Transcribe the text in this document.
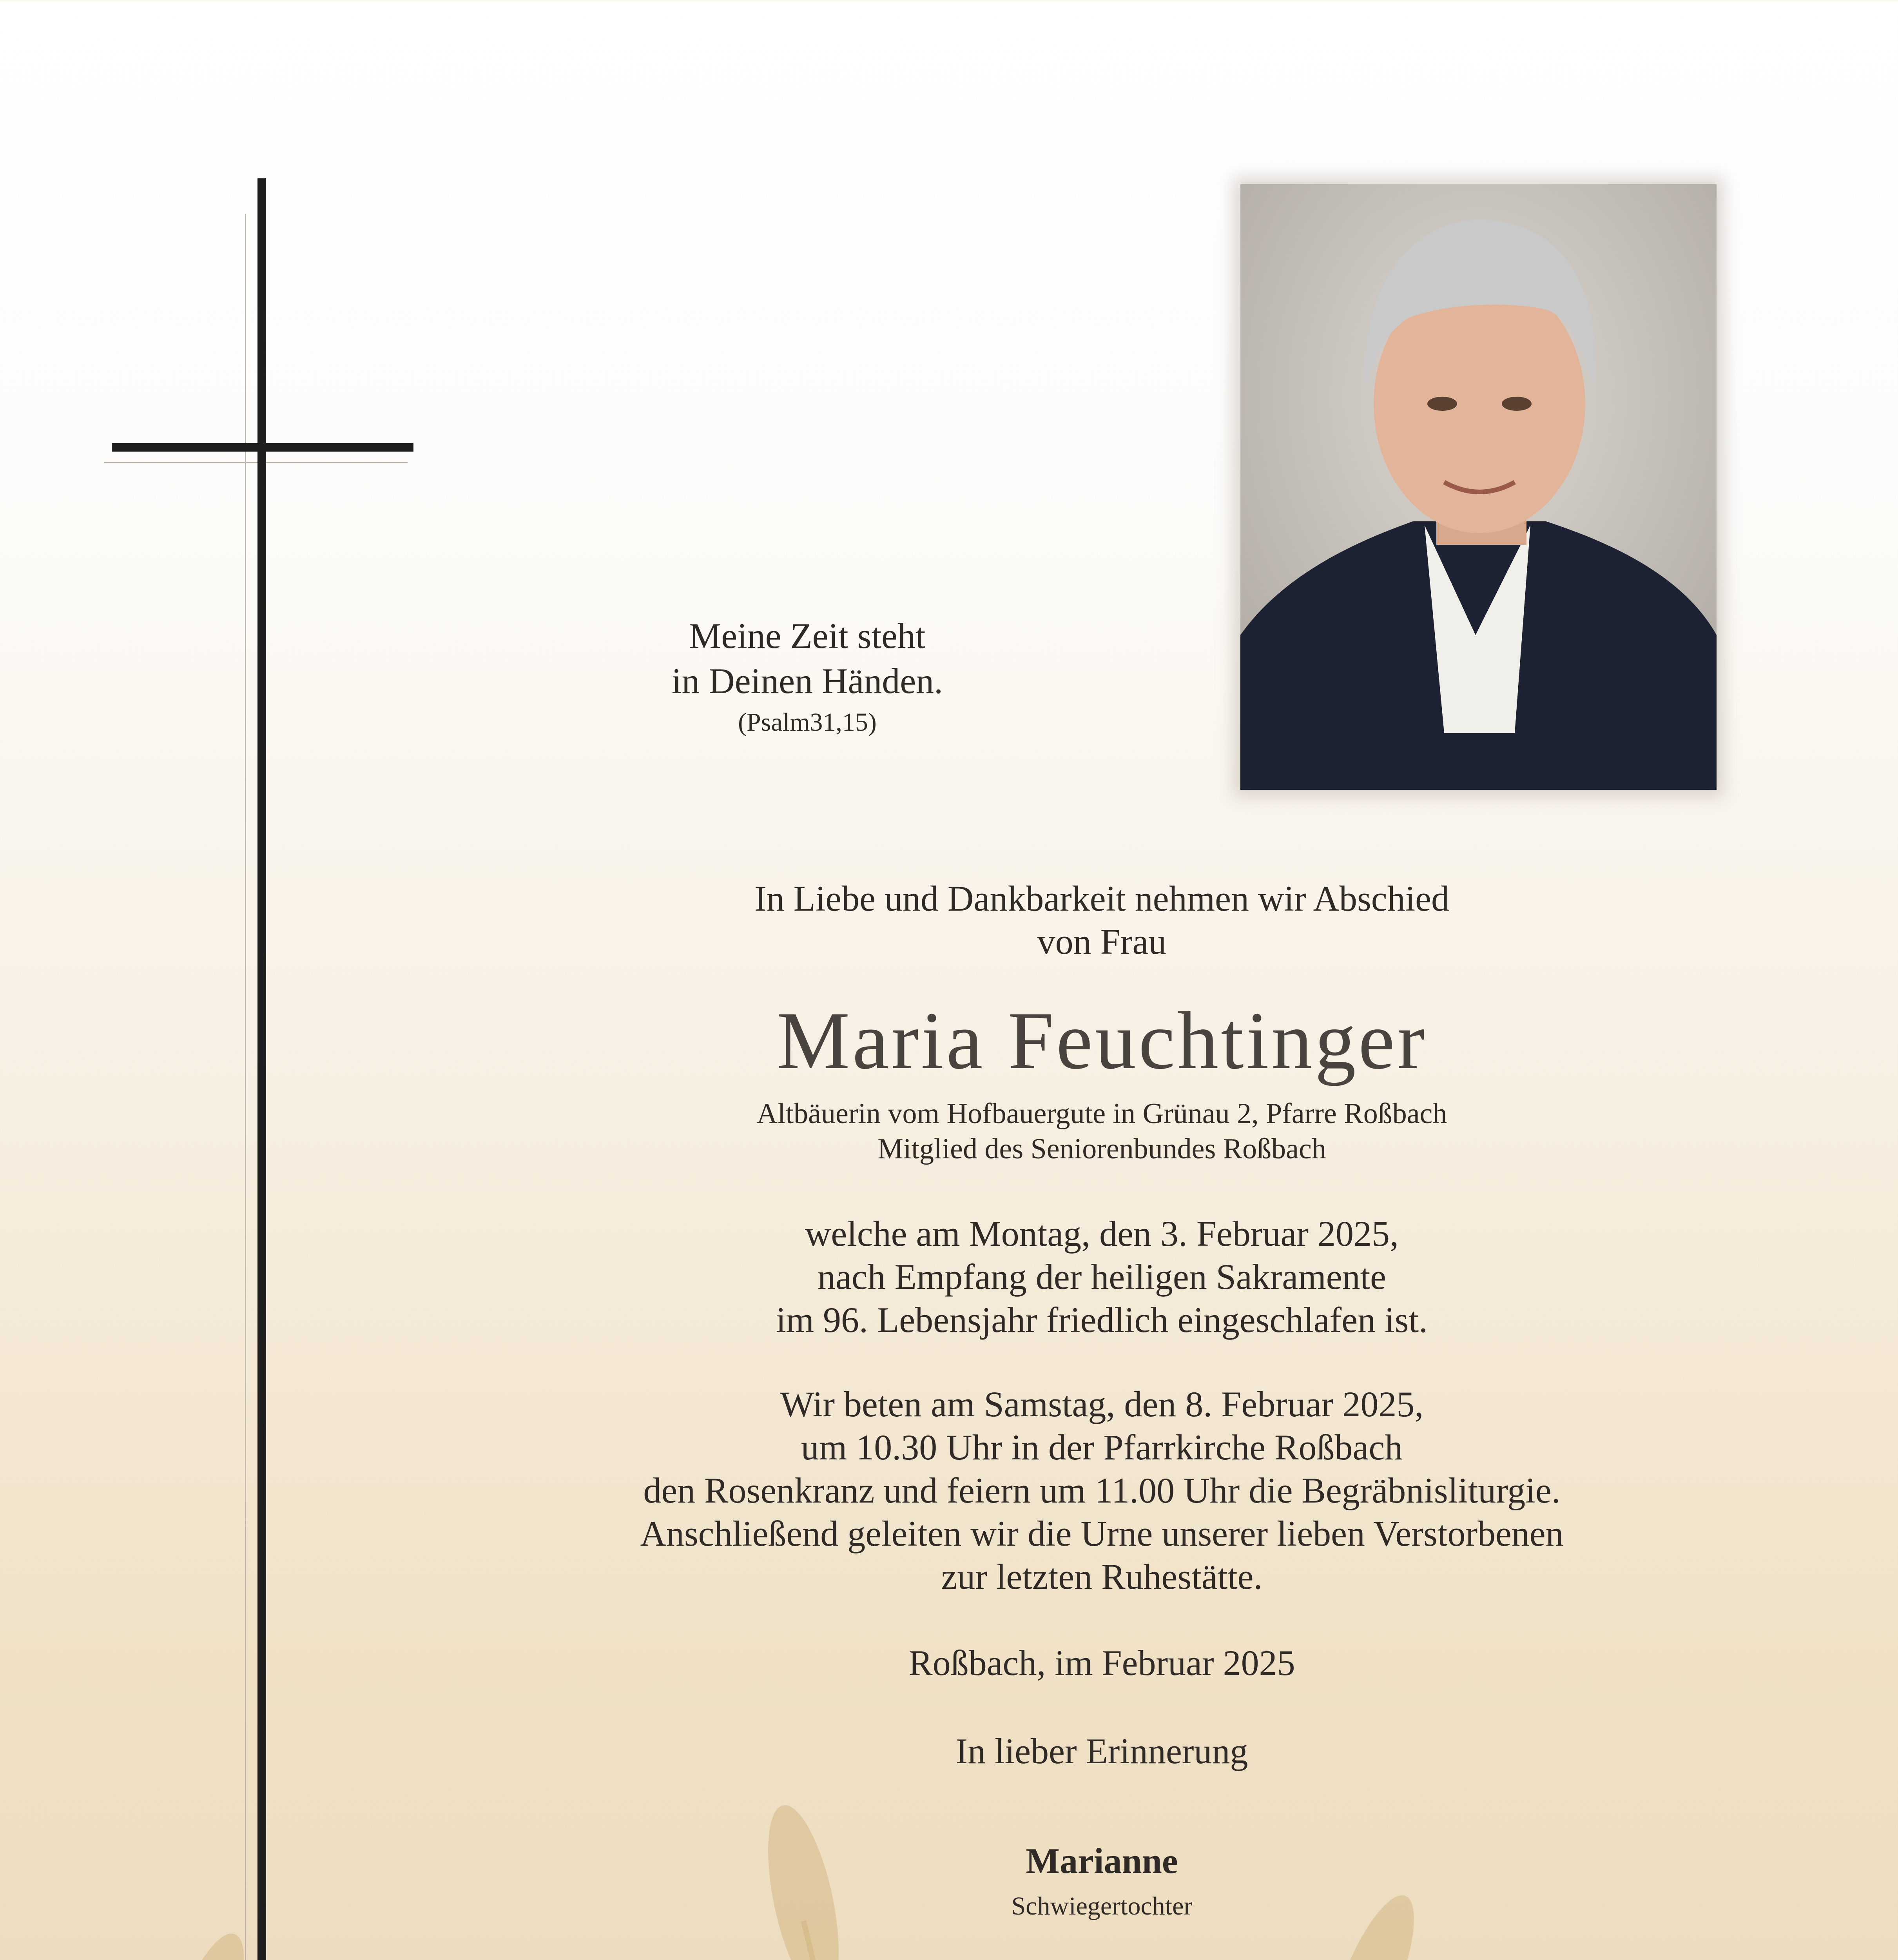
Meine Zeit steht

in Deinen Händen.

(Psalm31,15)

In Liebe und Dankbarkeit nehmen wir Abschied

von Frau

Maria Feuchtinger

Altbäuerin vom Hofbauergute in Grünau 2, Pfarre Roßbach

Mitglied des Seniorenbundes Roßbach

welche am Montag, den 3. Februar 2025,

nach Empfang der heiligen Sakramente

im 96. Lebensjahr friedlich eingeschlafen ist.

Wir beten am Samstag, den 8. Februar 2025,

um 10.30 Uhr in der Pfarrkirche Roßbach

den Rosenkranz und feiern um 11.00 Uhr die Begräbnisliturgie.

Anschließend geleiten wir die Urne unserer lieben Verstorbenen

zur letzten Ruhestätte.

Roßbach, im Februar 2025

In lieber Erinnerung

Marianne

Schwiegertochter
